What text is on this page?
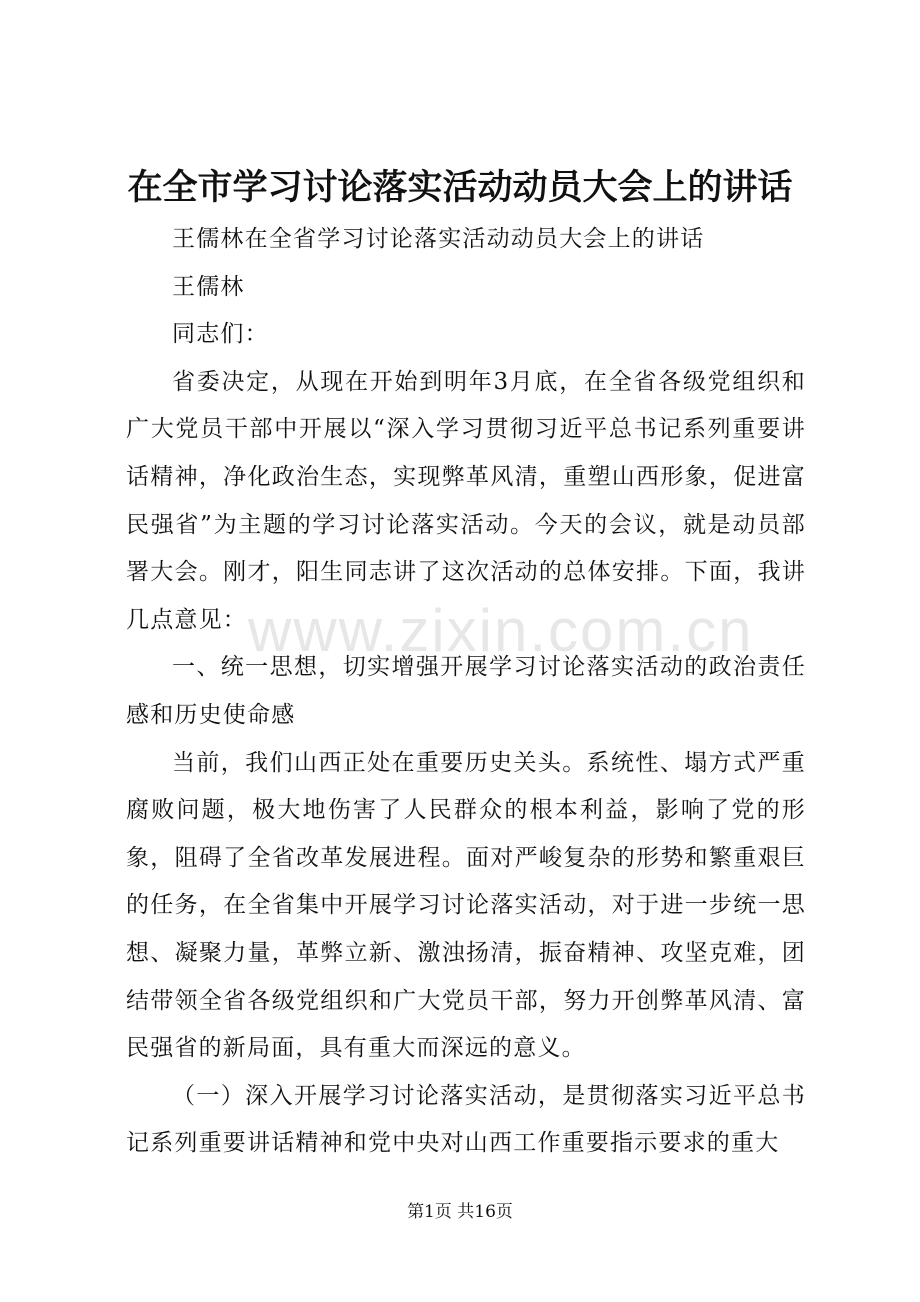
在全市学习讨论落实活动动员大会上的讲话

王儒林在全省学习讨论落实活动动员大会上的讲话

王儒林

同志们：

省委决定，从现在开始到明年3月底，在全省各级党组织和广大党员干部中开展以“深入学习贯彻习近平总书记系列重要讲话精神，净化政治生态，实现弊革风清，重塑山西形象，促进富民强省”为主题的学习讨论落实活动。今天的会议，就是动员部署大会。刚才，阳生同志讲了这次活动的总体安排。下面，我讲几点意见：

一、统一思想，切实增强开展学习讨论落实活动的政治责任感和历史使命感

当前，我们山西正处在重要历史关头。系统性、塌方式严重腐败问题，极大地伤害了人民群众的根本利益，影响了党的形象，阻碍了全省改革发展进程。面对严峻复杂的形势和繁重艰巨的任务，在全省集中开展学习讨论落实活动，对于进一步统一思想、凝聚力量，革弊立新、激浊扬清，振奋精神、攻坚克难，团结带领全省各级党组织和广大党员干部，努力开创弊革风清、富民强省的新局面，具有重大而深远的意义。

（一）深入开展学习讨论落实活动，是贯彻落实习近平总书记系列重要讲话精神和党中央对山西工作重要指示要求的重大

www.zixin.com.cn
第1页 共16页
